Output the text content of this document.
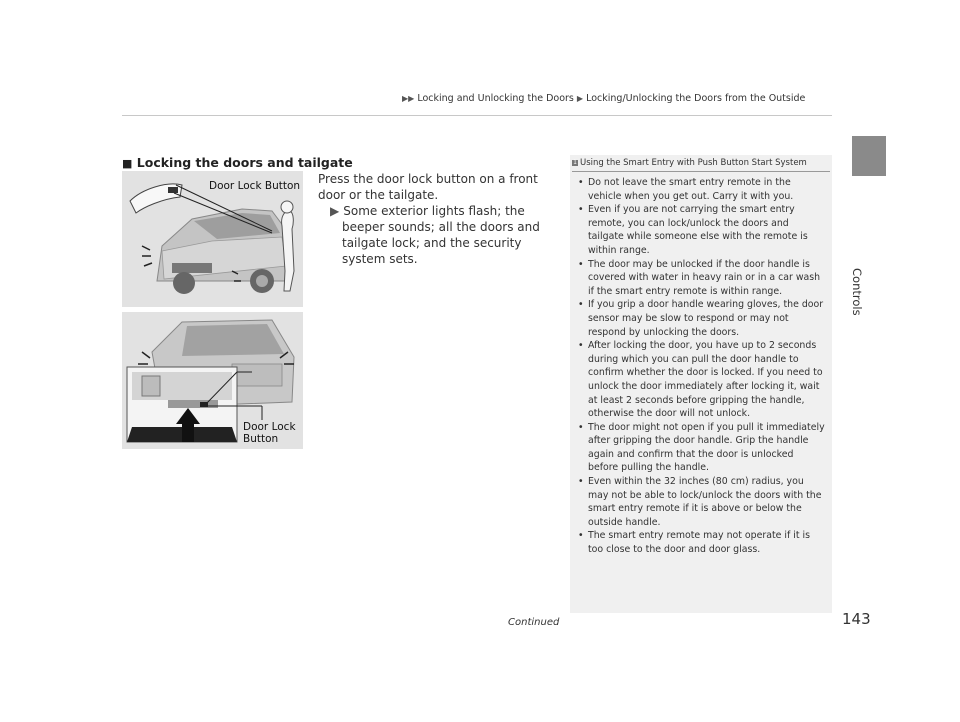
▶▶ Locking and Unlocking the Doors ▶ Locking/Unlocking the Doors from the Outside
Controls
■ Locking the doors and tailgate
Door Lock Button
Door Lock
Button
Press the door lock button on a front door or the tailgate.
▶ Some exterior lights flash; the beeper sounds; all the doors and tailgate lock; and the security system sets.
1 Using the Smart Entry with Push Button Start System
• Do not leave the smart entry remote in the vehicle when you get out. Carry it with you.
• Even if you are not carrying the smart entry remote, you can lock/unlock the doors and tailgate while someone else with the remote is within range.
• The door may be unlocked if the door handle is covered with water in heavy rain or in a car wash if the smart entry remote is within range.
• If you grip a door handle wearing gloves, the door sensor may be slow to respond or may not respond by unlocking the doors.
• After locking the door, you have up to 2 seconds during which you can pull the door handle to confirm whether the door is locked. If you need to unlock the door immediately after locking it, wait at least 2 seconds before gripping the handle, otherwise the door will not unlock.
• The door might not open if you pull it immediately after gripping the door handle. Grip the handle again and confirm that the door is unlocked before pulling the handle.
• Even within the 32 inches (80 cm) radius, you may not be able to lock/unlock the doors with the smart entry remote if it is above or below the outside handle.
• The smart entry remote may not operate if it is too close to the door and door glass.
Continued	143
